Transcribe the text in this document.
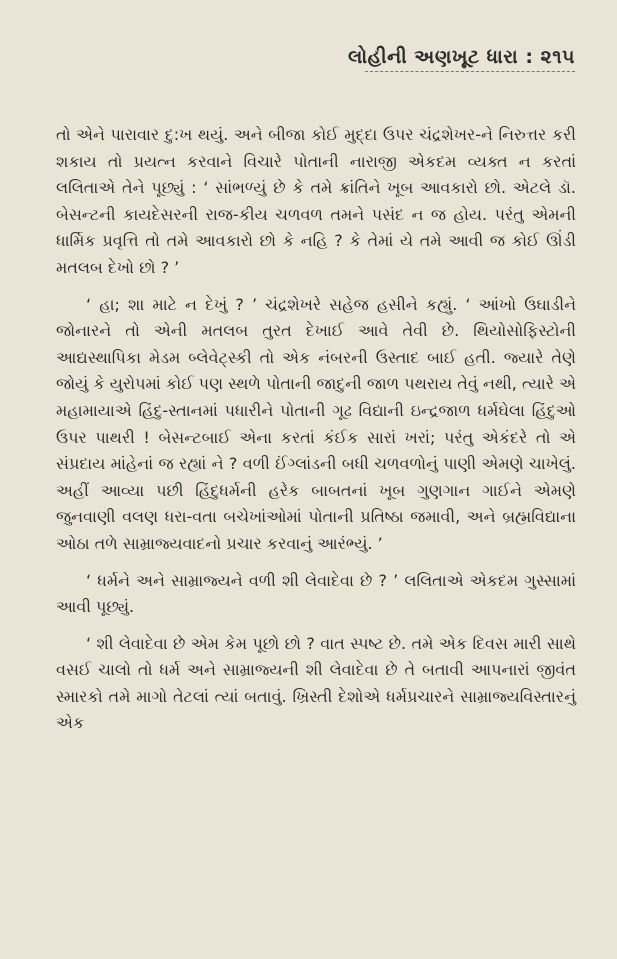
લોહીની અણખૂટ ધારા : ૨૧૫

તો એને પારાવાર દુ:ખ થયું. અને બીજા કોઈ મુદ્દા ઉપર ચંદ્રશેખર-ને નિરુત્તર કરી શકાય તો પ્રયત્ન કરવાને વિચારે પોતાની નારાજી એકદમ વ્યક્ત ન કરતાં લલિતાએ તેને પૂછ્યું : ‘ સાંભળ્યું છે કે તમે ક્રાંતિને ખૂબ આવકારો છો. એટલે ડૉ. બેસન્ટની કાયદેસરની રાજ-કીય ચળવળ તમને પસંદ ન જ હોય. પરંતુ એમની ધાર્મિક પ્રવૃત્તિ તો તમે આવકારો છો કે નહિ ? કે તેમાં યે તમે આવી જ કોઈ ઊંડી મતલબ દેખો છો ? ’

‘ હા; શા માટે ન દેખું ? ’ ચંદ્રશેખરે સહેજ હસીને કહ્યું. ‘ આંખો ઉઘાડીને જોનારને તો એની મતલબ તુરત દેખાઈ આવે તેવી છે. થિયોસોફિસ્ટોની આદ્યસ્થાપિકા મેડમ બ્લેવેટ્સ્કી તો એક નંબરની ઉસ્તાદ બાઈ હતી. જ્યારે તેણે જોયું કે યુરોપમાં કોઈ પણ સ્થળે પોતાની જાદુની જાળ પથરાય તેવું નથી, ત્યારે એ મહામાયાએ હિંદુ-સ્તાનમાં પધારીને પોતાની ગૂઢ વિદ્યાની ઇન્દ્રજાળ ધર્મઘેલા હિંદુઓ ઉપર પાથરી ! બેસન્ટબાઈ એના કરતાં કંઈક સારાં ખરાં; પરંતુ એકંદરે તો એ સંપ્રદાય માંહેનાં જ રહ્યાં ને ? વળી ઈંગ્લાંડની બધી ચળવળોનું પાણી એમણે ચાખેલું. અહીં આવ્યા પછી હિંદુધર્મની હરેક બાબતનાં ખૂબ ગુણગાન ગાઈને એમણે જુનવાણી વલણ ધરા-વતા બચેખાંઓમાં પોતાની પ્રતિષ્ઠા જમાવી, અને બ્રહ્મવિદ્યાના ઓઠા તળે સામ્રાજ્યવાદનો પ્રચાર કરવાનું આરંભ્યું. ’

‘ ધર્મને અને સામ્રાજ્યને વળી શી લેવાદેવા છે ? ’ લલિતાએ એકદમ ગુસ્સામાં આવી પૂછ્યું.

‘ શી લેવાદેવા છે એમ કેમ પૂછો છો ? વાત સ્પષ્ટ છે. તમે એક દિવસ મારી સાથે વસઈ ચાલો તો ધર્મ અને સામ્રાજ્યની શી લેવાદેવા છે તે બતાવી આપનારાં જીવંત સ્મારકો તમે માગો તેટલાં ત્યાં બતાવું. ખ્રિસ્તી દેશોએ ધર્મપ્રચારને સામ્રાજ્યવિસ્તારનું એક
